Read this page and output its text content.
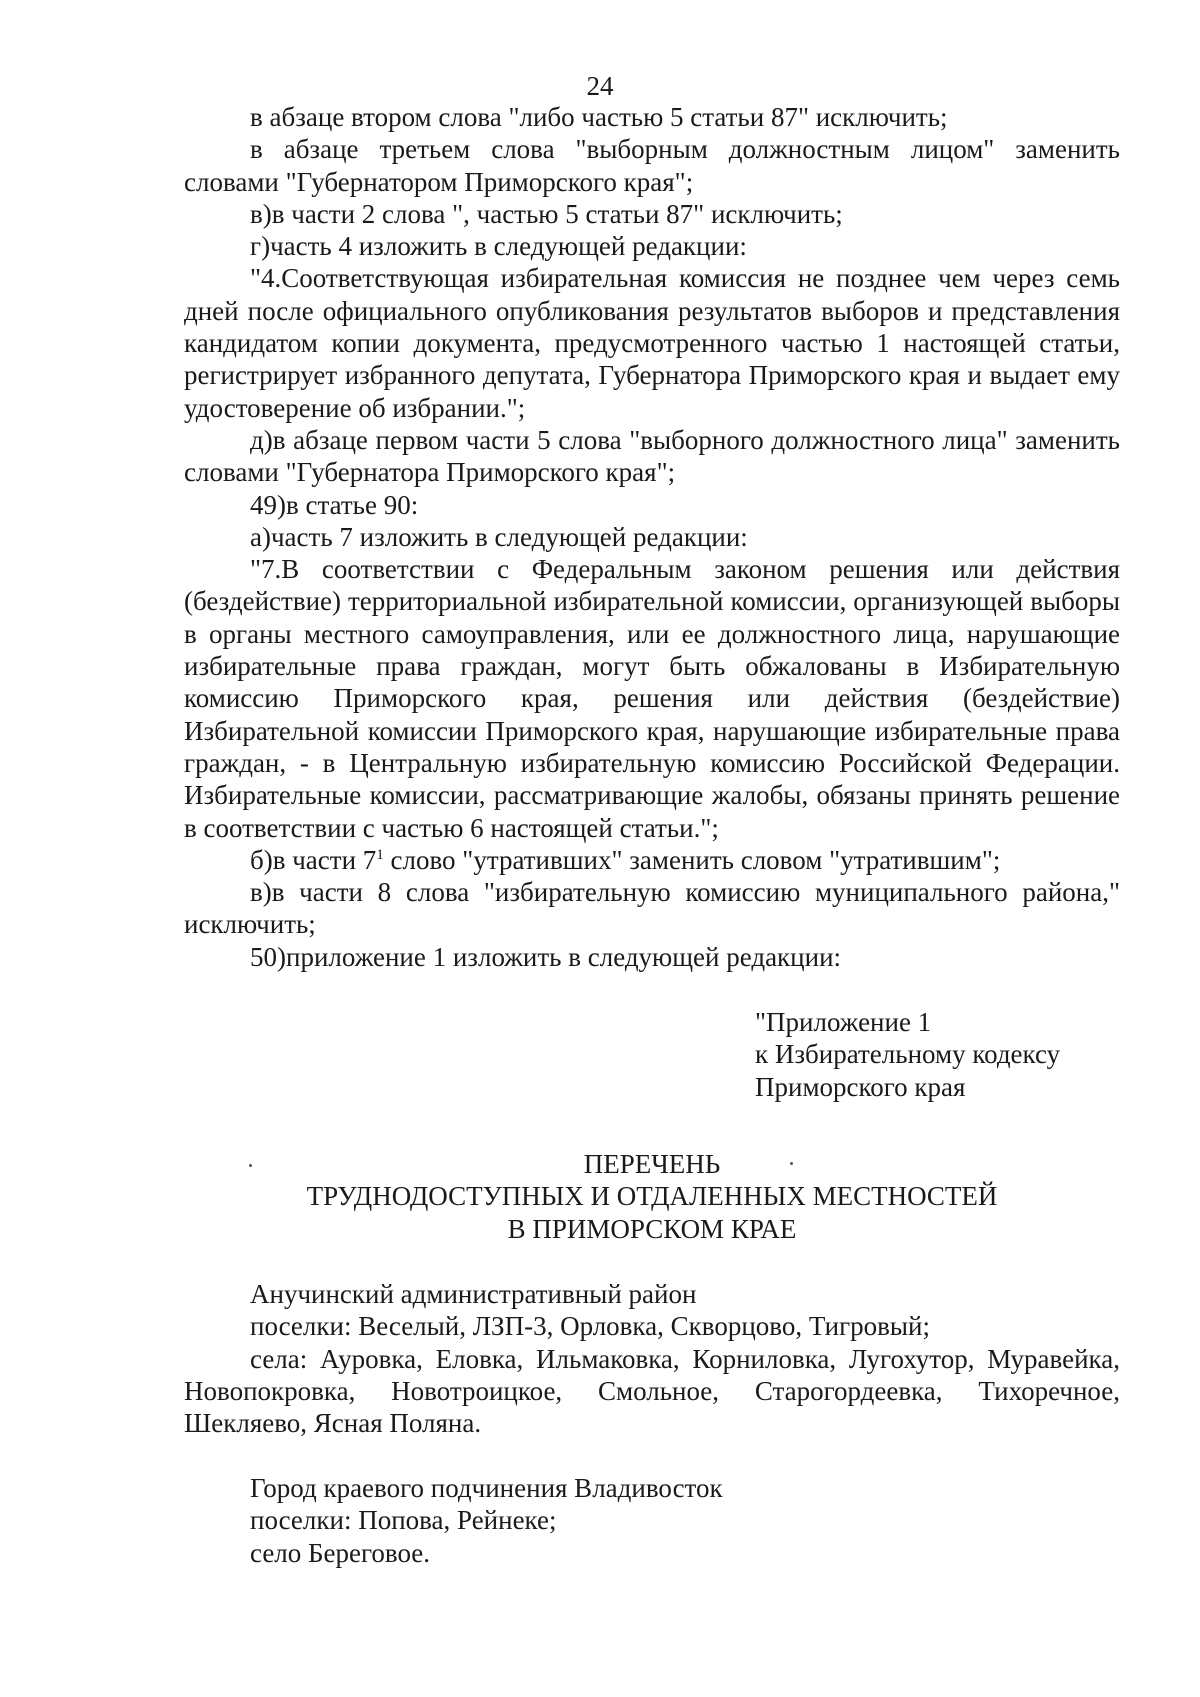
24

в абзаце втором слова "либо частью 5 статьи 87" исключить;

в абзаце третьем слова "выборным должностным лицом" заменить словами "Губернатором Приморского края";

в)в части 2 слова ", частью 5 статьи 87" исключить;

г)часть 4 изложить в следующей редакции:

"4.Соответствующая избирательная комиссия не позднее чем через семь дней после официального опубликования результатов выборов и представления кандидатом копии документа, предусмотренного частью 1 настоящей статьи, регистрирует избранного депутата, Губернатора Приморского края и выдает ему удостоверение об избрании.";

д)в абзаце первом части 5 слова "выборного должностного лица" заменить словами "Губернатора Приморского края";

49)в статье 90:

а)часть 7 изложить в следующей редакции:

"7.В соответствии с Федеральным законом решения или действия (бездействие) территориальной избирательной комиссии, организующей выборы в органы местного самоуправления, или ее должностного лица, нарушающие избирательные права граждан, могут быть обжалованы в Избирательную комиссию Приморского края, решения или действия (бездействие) Избирательной комиссии Приморского края, нарушающие избирательные права граждан, - в Центральную избирательную комиссию Российской Федерации. Избирательные комиссии, рассматривающие жалобы, обязаны принять решение в соответствии с частью 6 настоящей статьи.";

б)в части $7^1$ слово "утративших" заменить словом "утратившим";

в)в части 8 слова "избирательную комиссию муниципального района," исключить;

50)приложение 1 изложить в следующей редакции:

"Приложение 1
к Избирательному кодексу
Приморского края
ПЕРЕЧЕНЬ
ТРУДНОДОСТУПНЫХ И ОТДАЛЕННЫХ МЕСТНОСТЕЙ
В ПРИМОРСКОМ КРАЕ

Анучинский административный район

поселки: Веселый, ЛЗП-3, Орловка, Скворцово, Тигровый;

села: Ауровка, Еловка, Ильмаковка, Корниловка, Лугохутор, Муравейка, Новопокровка, Новотроицкое, Смольное, Старогордеевка, Тихоречное, Шекляево, Ясная Поляна.

Город краевого подчинения Владивосток

поселки: Попова, Рейнеке;

село Береговое.
